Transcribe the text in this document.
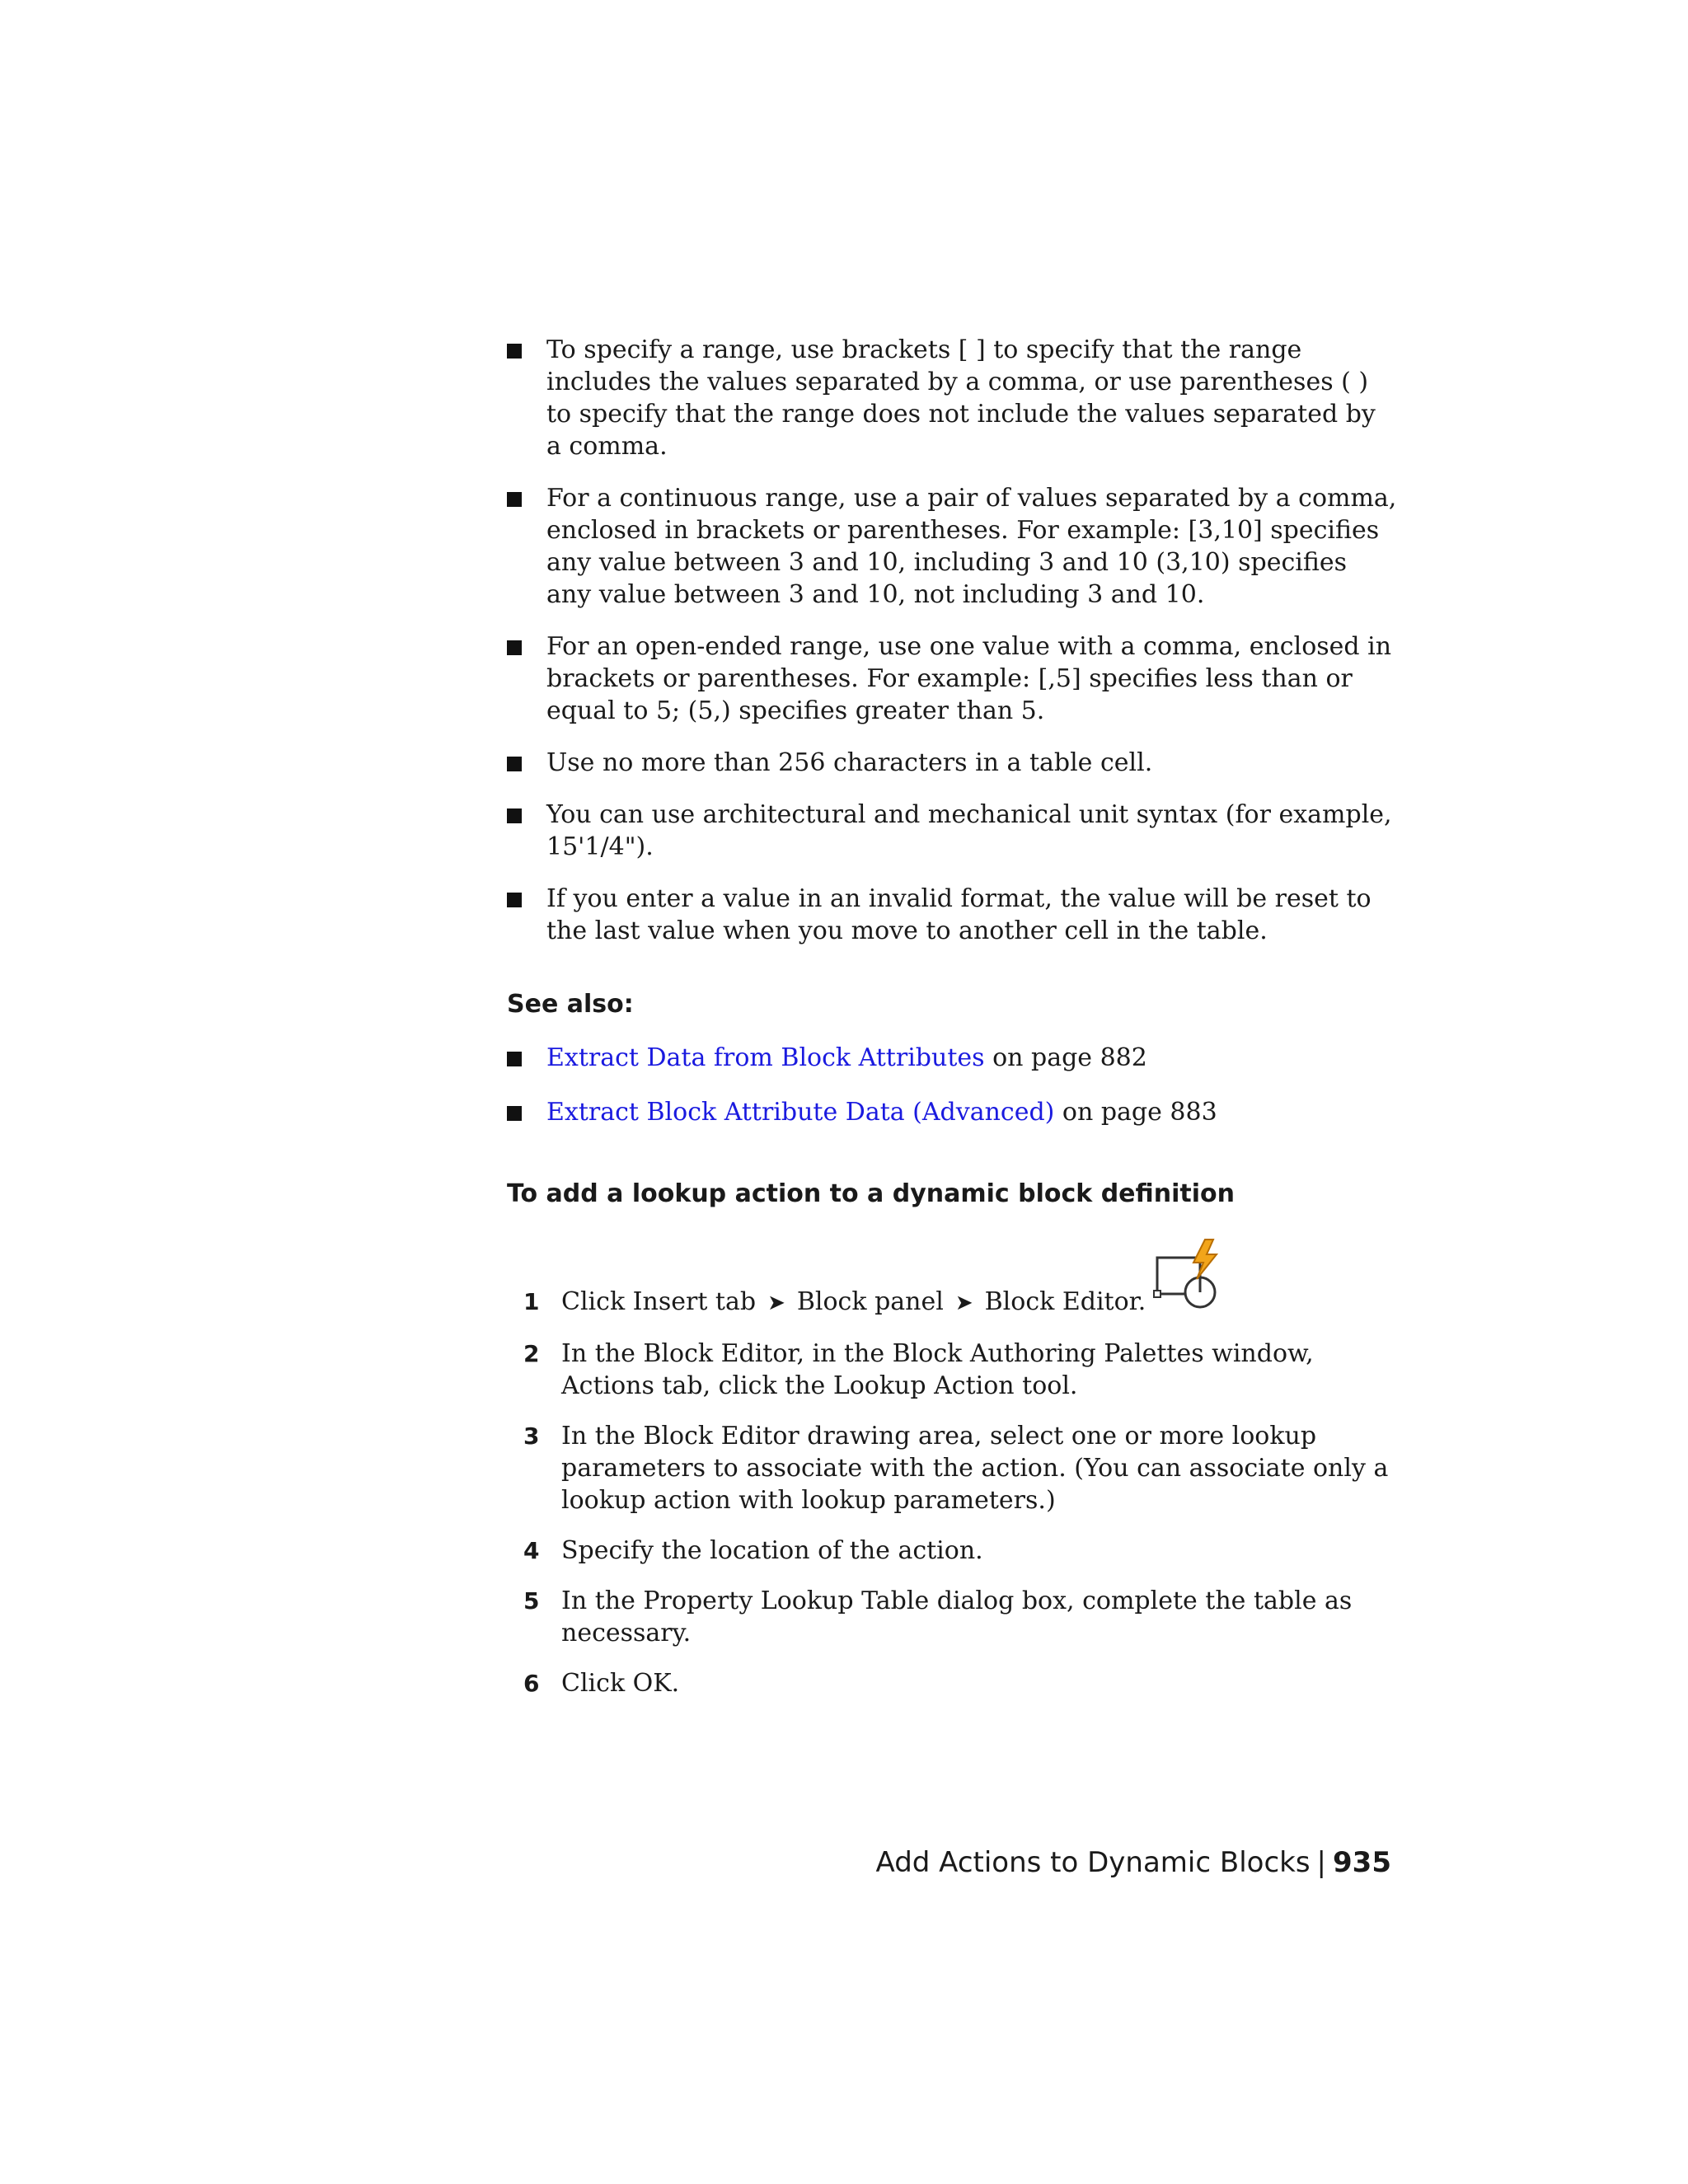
To specify a range, use brackets [ ] to specify that the range includes the values separated by a comma, or use parentheses ( ) to specify that the range does not include the values separated by a comma.
For a continuous range, use a pair of values separated by a comma, enclosed in brackets or parentheses. For example: [3,10] specifies any value between 3 and 10, including 3 and 10 (3,10) specifies any value between 3 and 10, not including 3 and 10.
For an open-ended range, use one value with a comma, enclosed in brackets or parentheses. For example: [,5] specifies less than or equal to 5; (5,) specifies greater than 5.
Use no more than 256 characters in a table cell.
You can use architectural and mechanical unit syntax (for example, 15'1/4").
If you enter a value in an invalid format, the value will be reset to the last value when you move to another cell in the table.
See also:
Extract Data from Block Attributes on page 882
Extract Block Attribute Data (Advanced) on page 883
To add a lookup action to a dynamic block definition
1 Click Insert tab ➤ Block panel ➤ Block Editor.
2 In the Block Editor, in the Block Authoring Palettes window, Actions tab, click the Lookup Action tool.
3 In the Block Editor drawing area, select one or more lookup parameters to associate with the action. (You can associate only a lookup action with lookup parameters.)
4 Specify the location of the action.
5 In the Property Lookup Table dialog box, complete the table as necessary.
6 Click OK.
Add Actions to Dynamic Blocks | 935
